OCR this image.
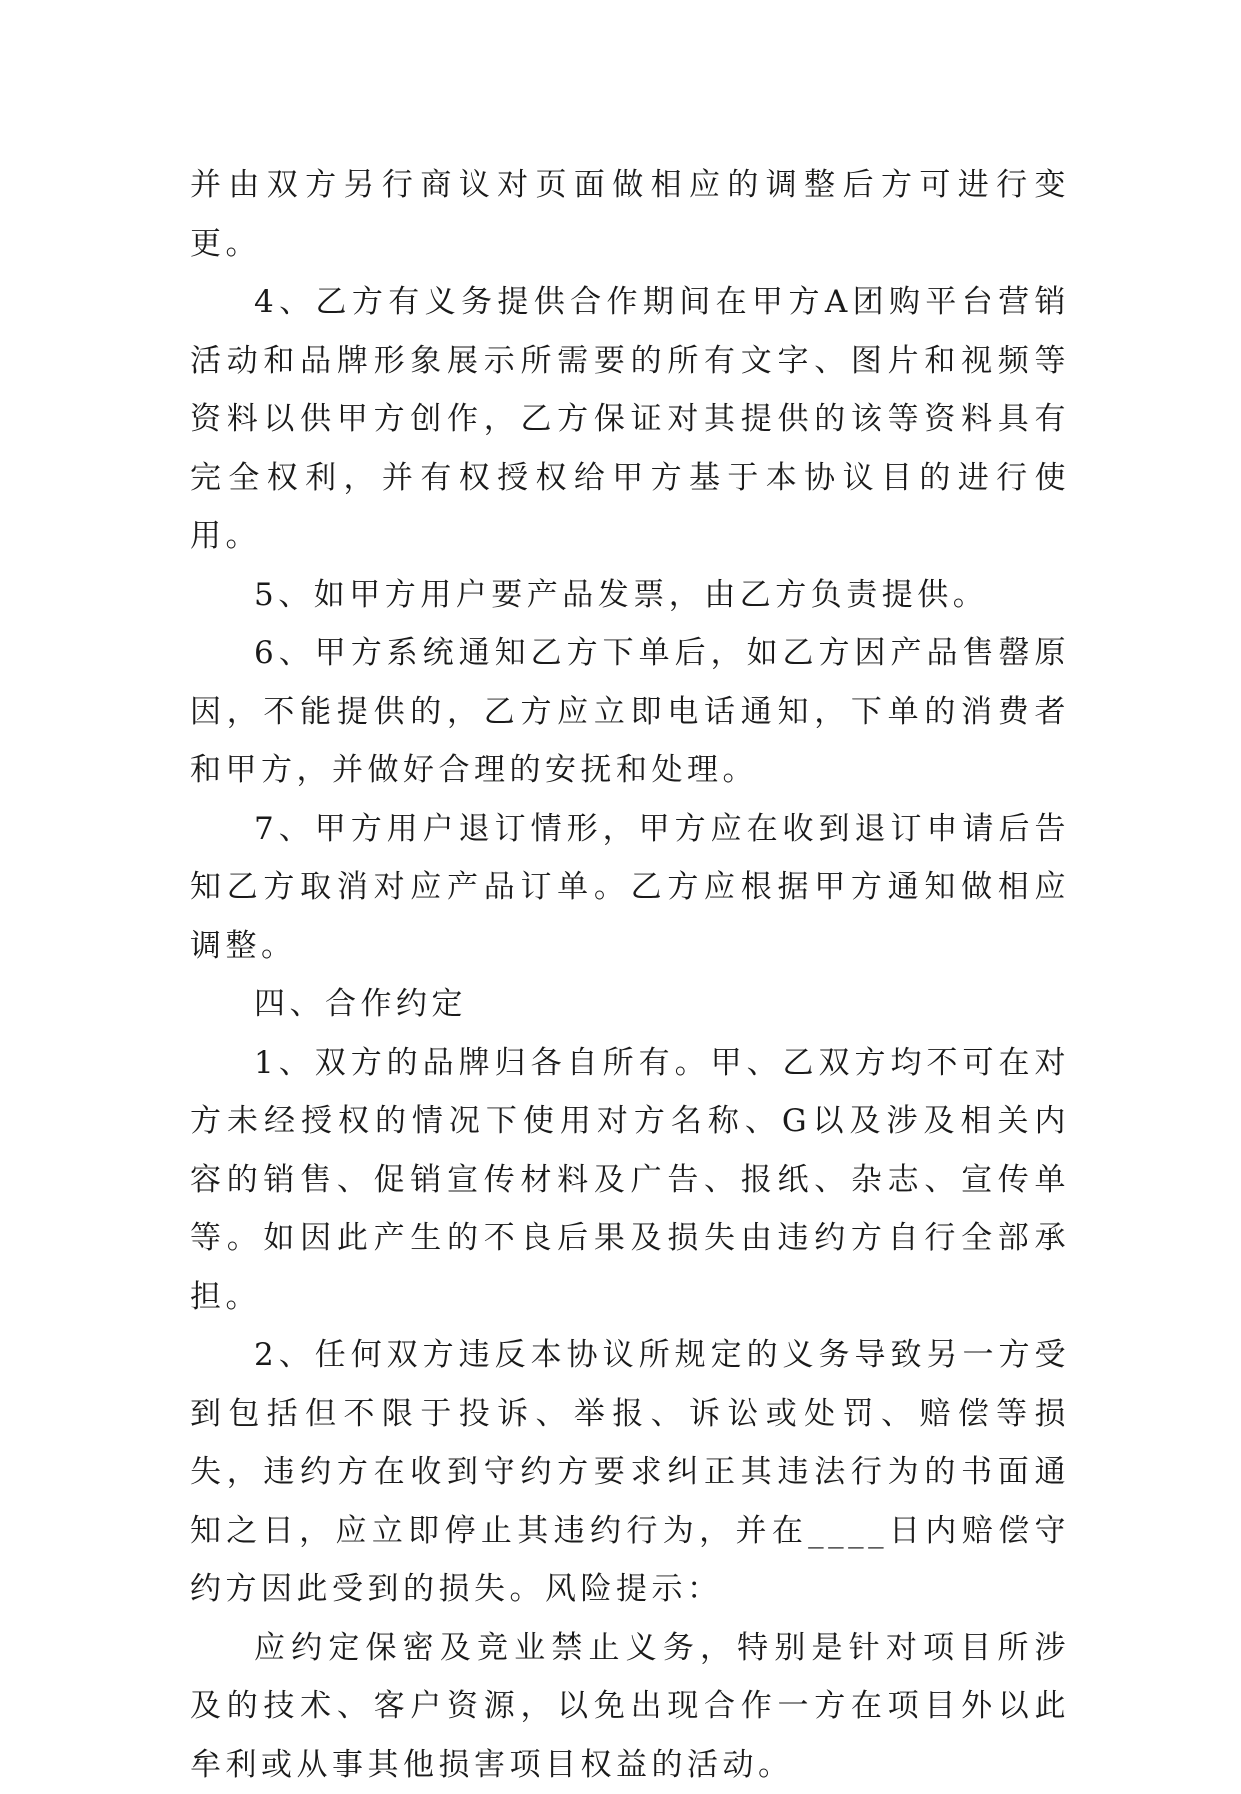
并由双方另行商议对页面做相应的调整后方可进行变更。

4、乙方有义务提供合作期间在甲方A团购平台营销活动和品牌形象展示所需要的所有文字、图片和视频等资料以供甲方创作，乙方保证对其提供的该等资料具有完全权利，并有权授权给甲方基于本协议目的进行使用。

5、如甲方用户要产品发票，由乙方负责提供。

6、甲方系统通知乙方下单后，如乙方因产品售罄原因，不能提供的，乙方应立即电话通知，下单的消费者和甲方，并做好合理的安抚和处理。

7、甲方用户退订情形，甲方应在收到退订申请后告知乙方取消对应产品订单。乙方应根据甲方通知做相应调整。

四、合作约定

1、双方的品牌归各自所有。甲、乙双方均不可在对方未经授权的情况下使用对方名称、G以及涉及相关内容的销售、促销宣传材料及广告、报纸、杂志、宣传单等。如因此产生的不良后果及损失由违约方自行全部承担。

2、任何双方违反本协议所规定的义务导致另一方受到包括但不限于投诉、举报、诉讼或处罚、赔偿等损失，违约方在收到守约方要求纠正其违法行为的书面通知之日，应立即停止其违约行为，并在____日内赔偿守约方因此受到的损失。风险提示：

应约定保密及竞业禁止义务，特别是针对项目所涉及的技术、客户资源，以免出现合作一方在项目外以此牟利或从事其他损害项目权益的活动。
